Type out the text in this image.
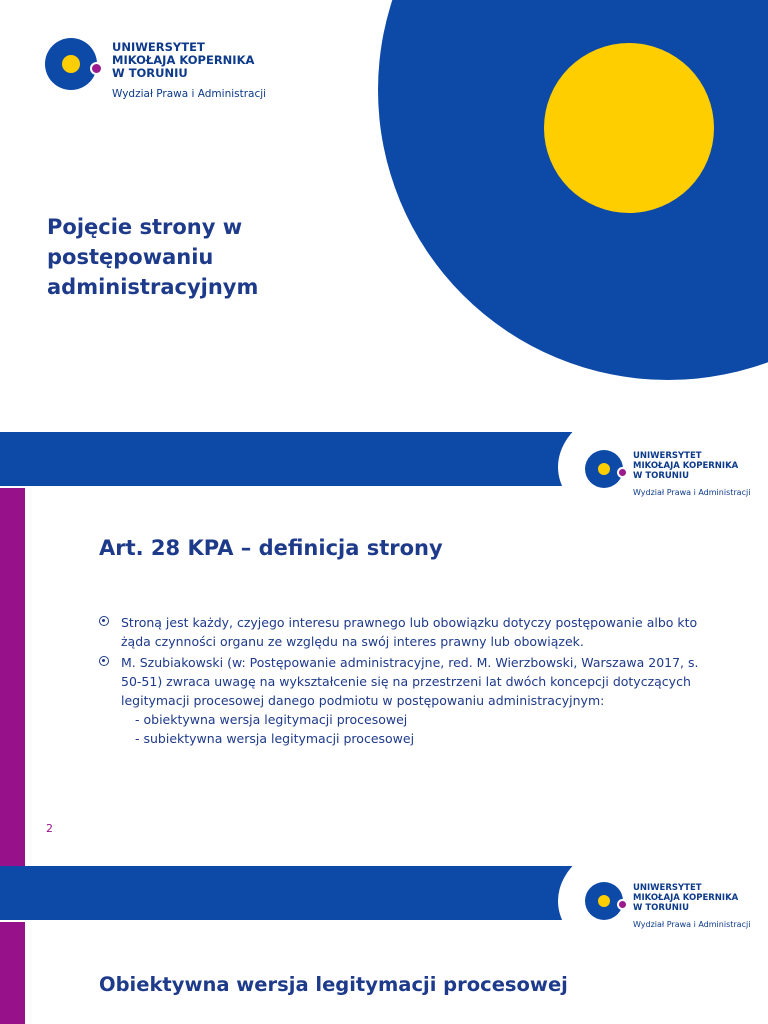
UNIWERSYTET
MIKOŁAJA KOPERNIKA
W TORUNIU
Wydział Prawa i Administracji
Pojęcie strony w postępowaniu administracyjnym
UNIWERSYTET
MIKOŁAJA KOPERNIKA
W TORUNIU
Wydział Prawa i Administracji
Art. 28 KPA – definicja strony
Stroną jest każdy, czyjego interesu prawnego lub obowiązku dotyczy postępowanie albo kto żąda czynności organu ze względu na swój interes prawny lub obowiązek.
M. Szubiakowski (w: Postępowanie administracyjne, red. M. Wierzbowski, Warszawa 2017, s. 50-51) zwraca uwagę na wykształcenie się na przestrzeni lat dwóch koncepcji dotyczących legitymacji procesowej danego podmiotu w postępowaniu administracyjnym:
- obiektywna wersja legitymacji procesowej
- subiektywna wersja legitymacji procesowej
2
UNIWERSYTET
MIKOŁAJA KOPERNIKA
W TORUNIU
Wydział Prawa i Administracji
Obiektywna wersja legitymacji procesowej
